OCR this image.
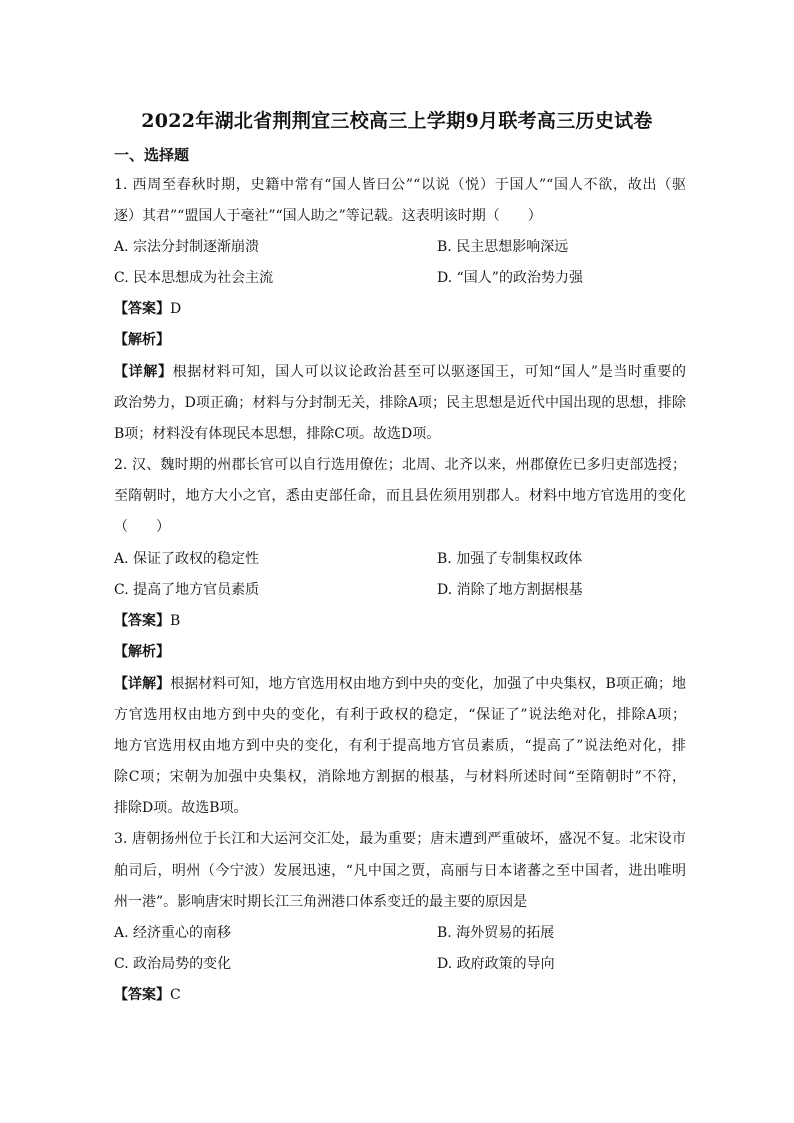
2022年湖北省荆荆宜三校高三上学期9月联考高三历史试卷
一、选择题
1. 西周至春秋时期，史籍中常有“国人皆曰公”“以说（悦）于国人”“国人不欲，故出（驱
逐）其君”“盟国人于毫社”“国人助之”等记载。这表明该时期（　　）
A. 宗法分封制逐渐崩溃	B. 民主思想影响深远
C. 民本思想成为社会主流	D. “国人”的政治势力强
【答案】D
【解析】
【详解】根据材料可知，国人可以议论政治甚至可以驱逐国王，可知“国人”是当时重要的
政治势力，D项正确；材料与分封制无关，排除A项；民主思想是近代中国出现的思想，排除
B项；材料没有体现民本思想，排除C项。故选D项。
2. 汉、魏时期的州郡长官可以自行选用僚佐；北周、北齐以来，州郡僚佐已多归吏部选授；
至隋朝时，地方大小之官，悉由吏部任命，而且县佐须用别郡人。材料中地方官选用的变化
（　　）
A. 保证了政权的稳定性	B. 加强了专制集权政体
C. 提高了地方官员素质	D. 消除了地方割据根基
【答案】B
【解析】
【详解】根据材料可知，地方官选用权由地方到中央的变化，加强了中央集权，B项正确；地
方官选用权由地方到中央的变化，有利于政权的稳定，“保证了”说法绝对化，排除A项；
地方官选用权由地方到中央的变化，有利于提高地方官员素质，“提高了”说法绝对化，排
除C项；宋朝为加强中央集权，消除地方割据的根基，与材料所述时间“至隋朝时”不符，
排除D项。故选B项。
3. 唐朝扬州位于长江和大运河交汇处，最为重要；唐末遭到严重破坏，盛况不复。北宋设市
舶司后，明州（今宁波）发展迅速，“凡中国之贾，高丽与日本诸蕃之至中国者，进出唯明
州一港”。影响唐宋时期长江三角洲港口体系变迁的最主要的原因是
A. 经济重心的南移	B. 海外贸易的拓展
C. 政治局势的变化	D. 政府政策的导向
【答案】C
